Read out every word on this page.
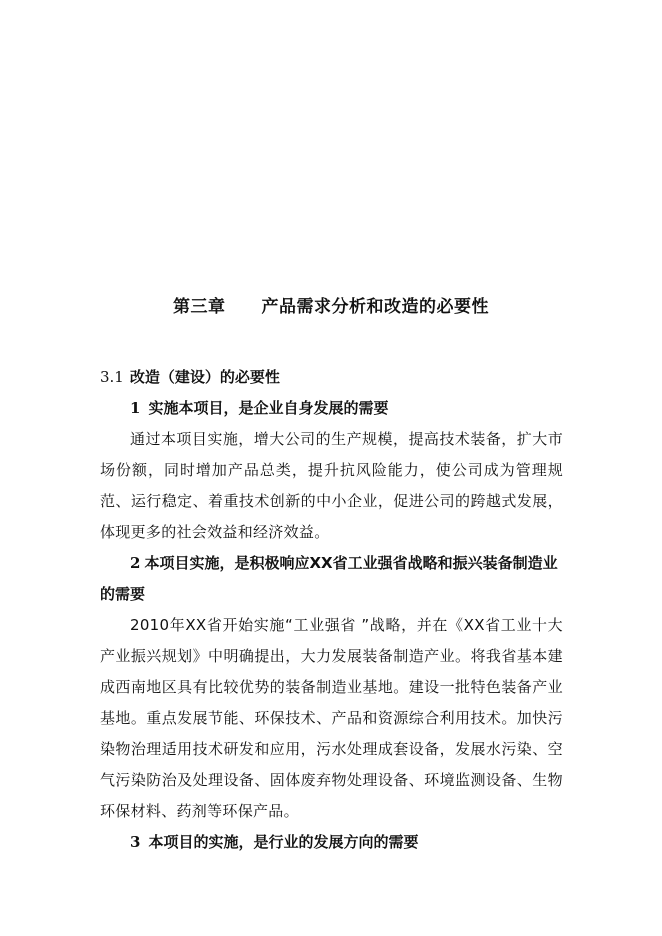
第三章 产品需求分析和改造的必要性

3.1 改造（建设）的必要性

1 实施本项目，是企业自身发展的需要

通过本项目实施，增大公司的生产规模，提高技术装备，扩大市场份额，同时增加产品总类，提升抗风险能力，使公司成为管理规范、运行稳定、着重技术创新的中小企业，促进公司的跨越式发展，体现更多的社会效益和经济效益。

2 本项目实施，是积极响应XX省工业强省战略和振兴装备制造业的需要

2010年XX省开始实施“工业强省 ”战略，并在《XX省工业十大产业振兴规划》中明确提出，大力发展装备制造产业。将我省基本建成西南地区具有比较优势的装备制造业基地。建设一批特色装备产业基地。重点发展节能、环保技术、产品和资源综合利用技术。加快污染物治理适用技术研发和应用，污水处理成套设备，发展水污染、空气污染防治及处理设备、固体废弃物处理设备、环境监测设备、生物环保材料、药剂等环保产品。

3 本项目的实施，是行业的发展方向的需要
